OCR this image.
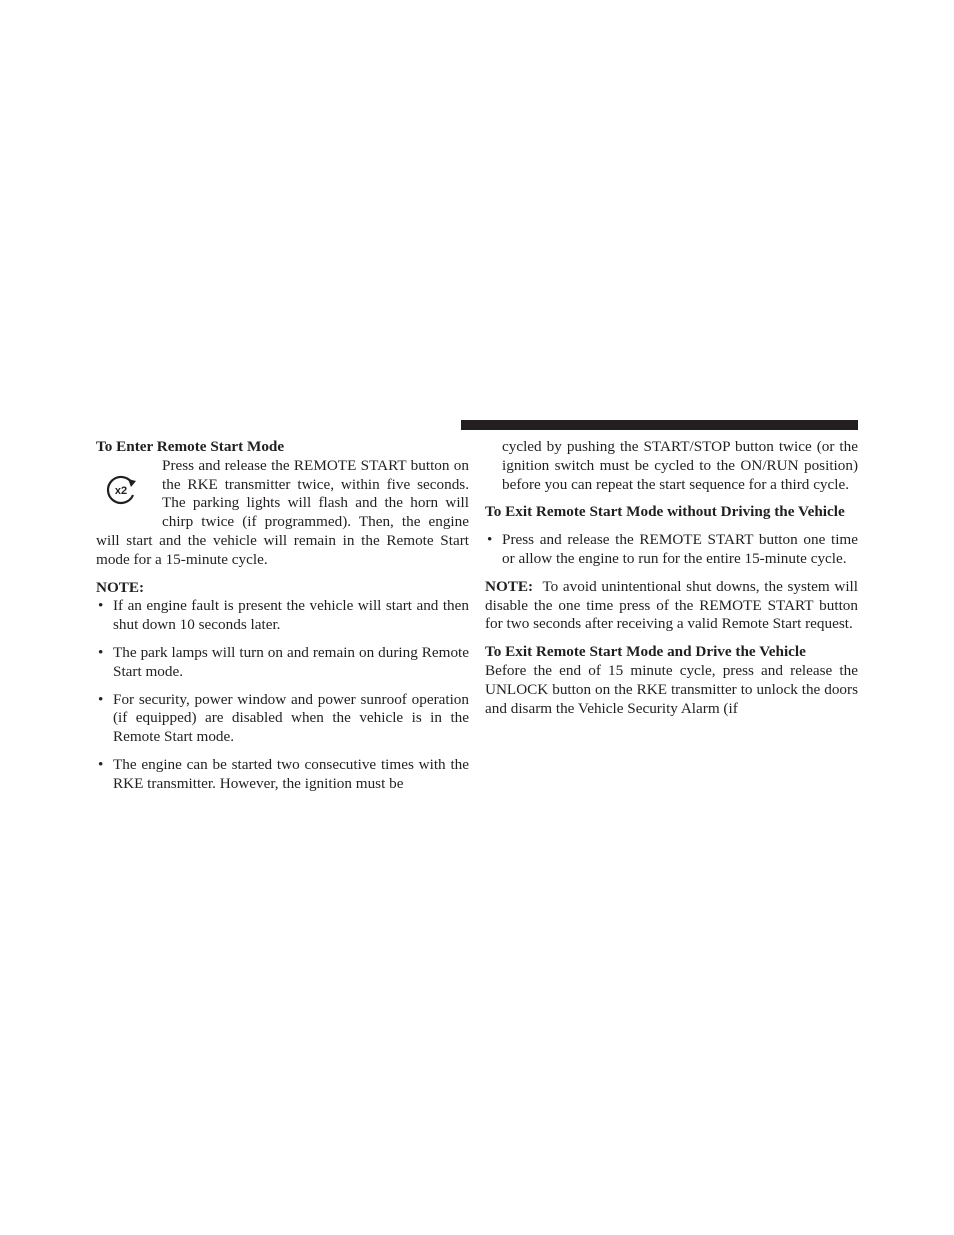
To Enter Remote Start Mode
x2

Press and release the REMOTE START button on the RKE transmitter twice, within five seconds. The parking lights will flash and the horn will chirp twice (if programmed). Then, the engine will start and the vehicle will remain in the Remote Start mode for a 15-minute cycle.

NOTE:
• If an engine fault is present the vehicle will start and then shut down 10 seconds later.
• The park lamps will turn on and remain on during Remote Start mode.
• For security, power window and power sunroof operation (if equipped) are disabled when the vehicle is in the Remote Start mode.
• The engine can be started two consecutive times with the RKE transmitter. However, the ignition must be

cycled by pushing the START/STOP button twice (or the ignition switch must be cycled to the ON/RUN position) before you can repeat the start sequence for a third cycle.

To Exit Remote Start Mode without Driving the Vehicle
• Press and release the REMOTE START button one time or allow the engine to run for the entire 15-minute cycle.

NOTE: To avoid unintentional shut downs, the system will disable the one time press of the REMOTE START button for two seconds after receiving a valid Remote Start request.

To Exit Remote Start Mode and Drive the Vehicle

Before the end of 15 minute cycle, press and release the UNLOCK button on the RKE transmitter to unlock the doors and disarm the Vehicle Security Alarm (if
